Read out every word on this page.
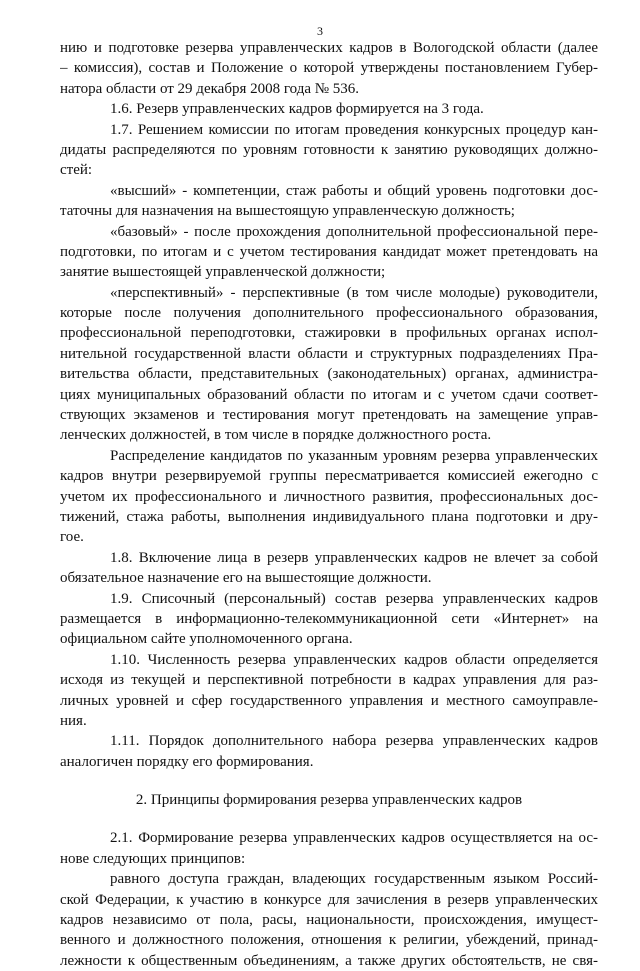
3
нию и подготовке резерва управленческих кадров в Вологодской области (далее
– комиссия), состав и Положение о которой утверждены постановлением Губер-
натора области от 29 декабря 2008 года № 536.
1.6. Резерв управленческих кадров формируется на 3 года.
1.7. Решением комиссии по итогам проведения конкурсных процедур кан-
дидаты распределяются по уровням готовности к занятию руководящих должно-
стей:
«высший» - компетенции, стаж работы и общий уровень подготовки дос-
таточны для назначения на вышестоящую управленческую должность;
«базовый» - после прохождения дополнительной профессиональной пере-
подготовки, по итогам и с учетом тестирования кандидат может претендовать на
занятие вышестоящей управленческой должности;
«перспективный» - перспективные (в том числе молодые) руководители,
которые после получения дополнительного профессионального образования,
профессиональной переподготовки, стажировки в профильных органах испол-
нительной государственной власти области и структурных подразделениях Пра-
вительства области, представительных (законодательных) органах, администра-
циях муниципальных образований области по итогам и с учетом сдачи соответ-
ствующих экзаменов и тестирования могут претендовать на замещение управ-
ленческих должностей, в том числе в порядке должностного роста.
Распределение кандидатов по указанным уровням резерва управленческих
кадров внутри резервируемой группы пересматривается комиссией ежегодно с
учетом их профессионального и личностного развития, профессиональных дос-
тижений, стажа работы, выполнения индивидуального плана подготовки и дру-
гое.
1.8. Включение лица в резерв управленческих кадров не влечет за собой
обязательное назначение его на вышестоящие должности.
1.9. Списочный (персональный) состав резерва управленческих кадров
размещается в информационно-телекоммуникационной сети «Интернет» на
официальном сайте уполномоченного органа.
1.10. Численность резерва управленческих кадров области определяется
исходя из текущей и перспективной потребности в кадрах управления для раз-
личных уровней и сфер государственного управления и местного самоуправле-
ния.
1.11. Порядок дополнительного набора резерва управленческих кадров
аналогичен порядку его формирования.
2. Принципы формирования резерва управленческих кадров
2.1. Формирование резерва управленческих кадров осуществляется на ос-
нове следующих принципов:
равного доступа граждан, владеющих государственным языком Россий-
ской Федерации, к участию в конкурсе для зачисления в резерв управленческих
кадров независимо от пола, расы, национальности, происхождения, имущест-
венного и должностного положения, отношения к религии, убеждений, принад-
лежности к общественным объединениям, а также других обстоятельств, не свя-
